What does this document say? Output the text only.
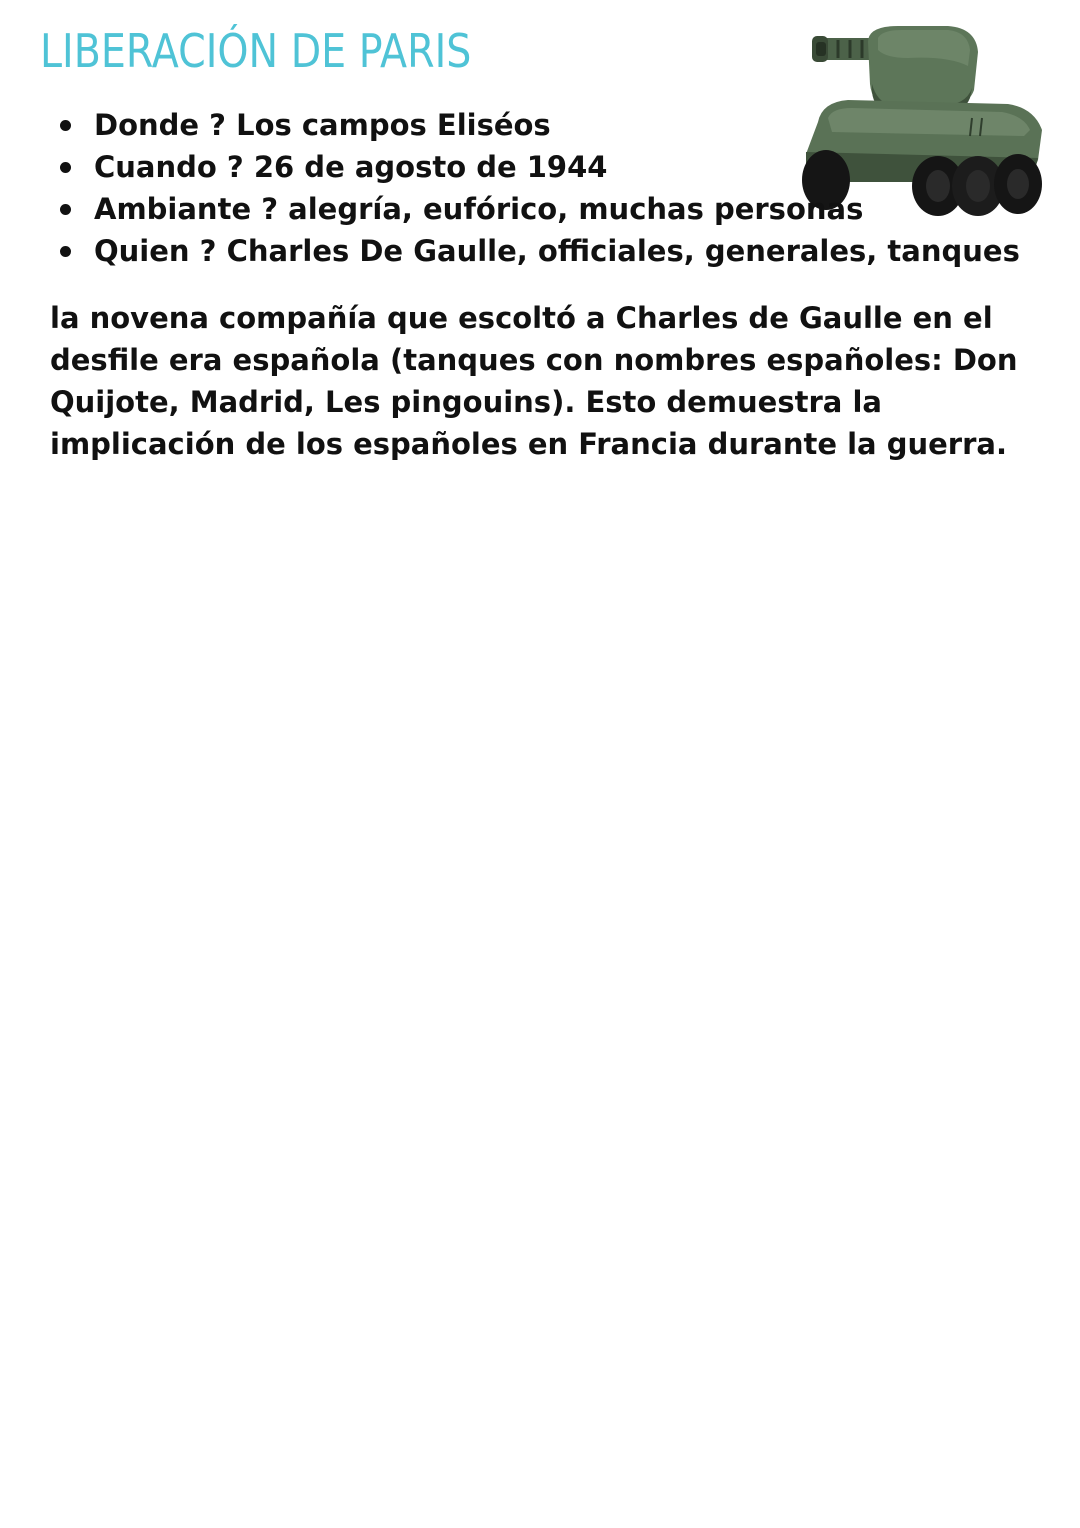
LIBERACIÓN DE PARIS
Donde ? Los campos Eliséos
Cuando ? 26 de agosto de 1944
Ambiante ? alegría, eufórico, muchas personas
Quien ? Charles De Gaulle, officiales, generales, tanques

la novena compañía que escoltó a Charles de Gaulle en el desfile era española (tanques con nombres españoles: Don Quijote, Madrid, Les pingouins). Esto demuestra la implicación de los españoles en Francia durante la guerra.
